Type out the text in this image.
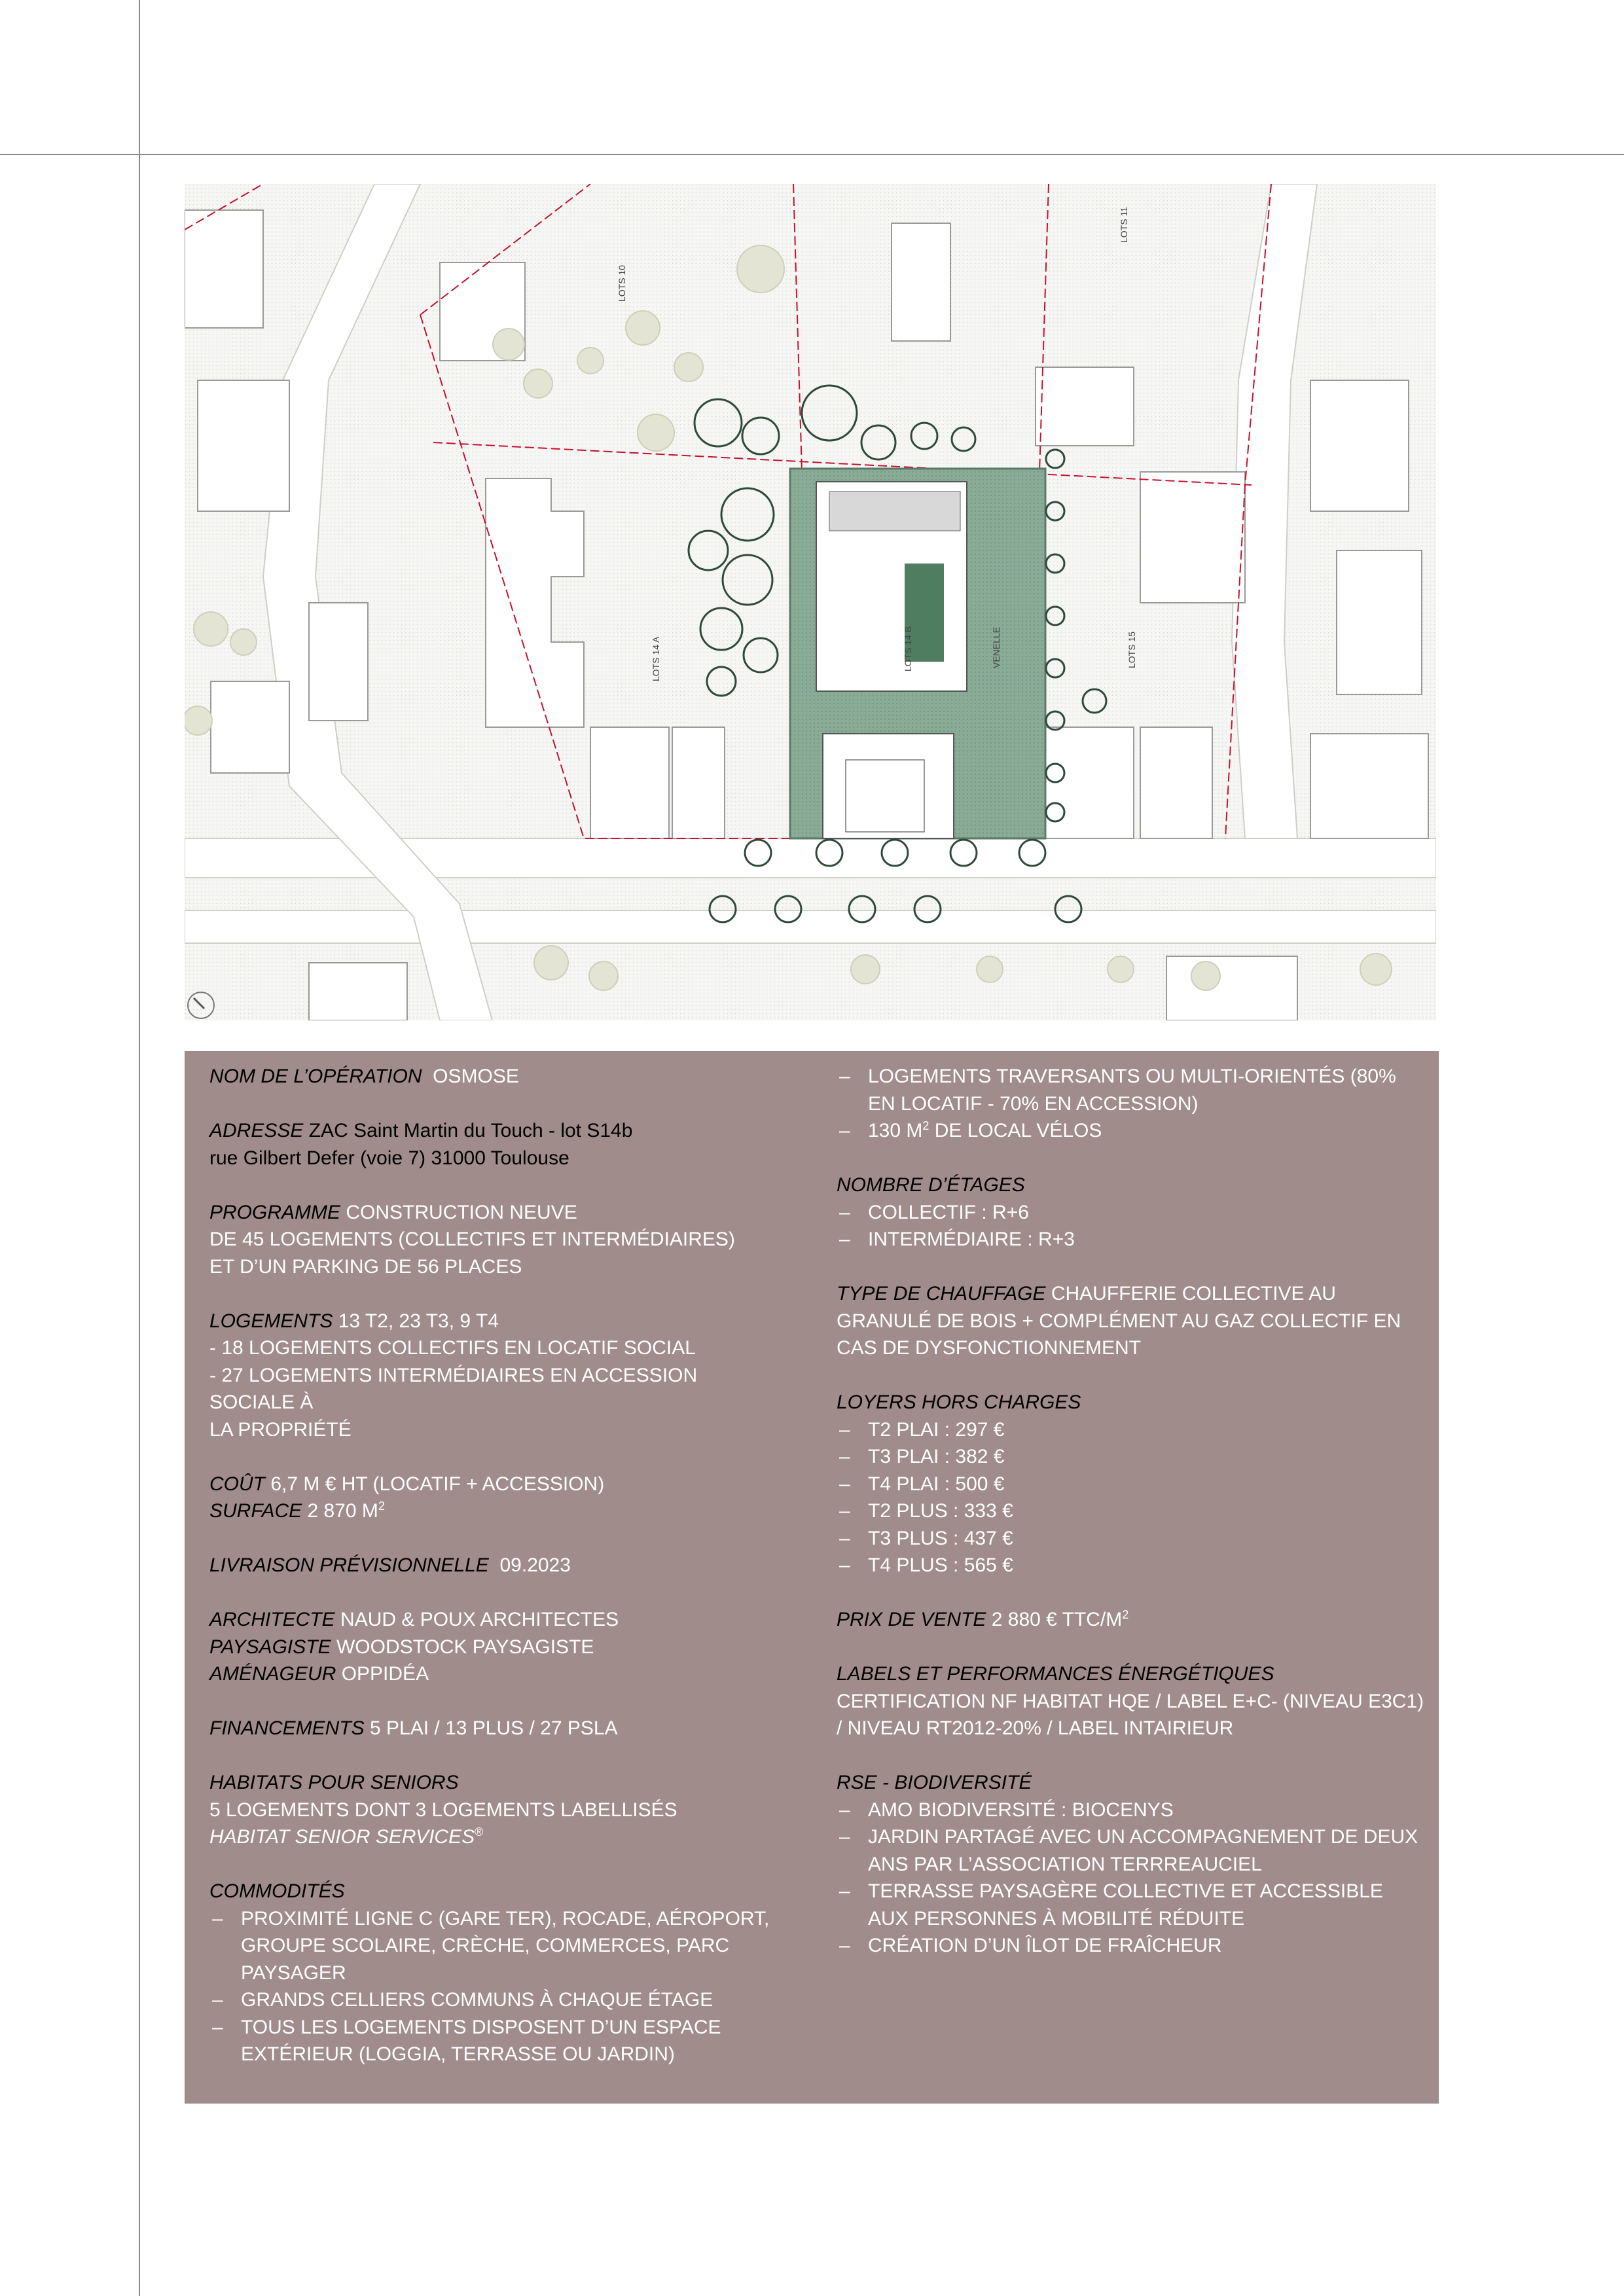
LOTS 10
LOTS 11
LOTS 14 A	LOTS 14 B	LOTS 15
VENELLE
NOM DE L’OPÉRATION OSMOSE
ADRESSE ZAC Saint Martin du Touch - lot S14b
rue Gilbert Defer (voie 7) 31000 Toulouse
PROGRAMME CONSTRUCTION NEUVE
DE 45 LOGEMENTS (COLLECTIFS ET INTERMÉDIAIRES)
ET D’UN PARKING DE 56 PLACES
LOGEMENTS 13 T2, 23 T3, 9 T4
- 18 LOGEMENTS COLLECTIFS EN LOCATIF SOCIAL
- 27 LOGEMENTS INTERMÉDIAIRES EN ACCESSION SOCIALE À
LA PROPRIÉTÉ
COÛT 6,7 M € HT (LOCATIF + ACCESSION)
SURFACE 2 870 $M^2$
LIVRAISON PRÉVISIONNELLE 09.2023
ARCHITECTE NAUD & POUX ARCHITECTES
PAYSAGISTE WOODSTOCK PAYSAGISTE
AMÉNAGEUR OPPIDÉA
FINANCEMENTS 5 PLAI / 13 PLUS / 27 PSLA
HABITATS POUR SENIORS
5 LOGEMENTS DONT 3 LOGEMENTS LABELLISÉS
HABITAT SENIOR SERVICES®
COMMODITÉS
– PROXIMITÉ LIGNE C (GARE TER), ROCADE, AÉROPORT, GROUPE SCOLAIRE, CRÈCHE, COMMERCES, PARC PAYSAGER
– GRANDS CELLIERS COMMUNS À CHAQUE ÉTAGE
– TOUS LES LOGEMENTS DISPOSENT D’UN ESPACE EXTÉRIEUR (LOGGIA, TERRASSE OU JARDIN)
– LOGEMENTS TRAVERSANTS OU MULTI-ORIENTÉS (80% EN LOCATIF - 70% EN ACCESSION)
– 130 $M^2$ DE LOCAL VÉLOS
NOMBRE D’ÉTAGES
– COLLECTIF : R+6
– INTERMÉDIAIRE : R+3
TYPE DE CHAUFFAGE CHAUFFERIE COLLECTIVE AU GRANULÉ DE BOIS + COMPLÉMENT AU GAZ COLLECTIF EN CAS DE DYSFONCTIONNEMENT
LOYERS HORS CHARGES
– T2 PLAI : 297 €
– T3 PLAI : 382 €
– T4 PLAI : 500 €
– T2 PLUS : 333 €
– T3 PLUS : 437 €
– T4 PLUS : 565 €
PRIX DE VENTE 2 880 € TTC/$M^2$
LABELS ET PERFORMANCES ÉNERGÉTIQUES
CERTIFICATION NF HABITAT HQE / LABEL E+C- (NIVEAU E3C1) / NIVEAU RT2012-20% / LABEL INTAIRIEUR
RSE - BIODIVERSITÉ
– AMO BIODIVERSITÉ : BIOCENYS
– JARDIN PARTAGÉ AVEC UN ACCOMPAGNEMENT DE DEUX ANS PAR L’ASSOCIATION TERRREAUCIEL
– TERRASSE PAYSAGÈRE COLLECTIVE ET ACCESSIBLE AUX PERSONNES À MOBILITÉ RÉDUITE
– CRÉATION D’UN ÎLOT DE FRAÎCHEUR
